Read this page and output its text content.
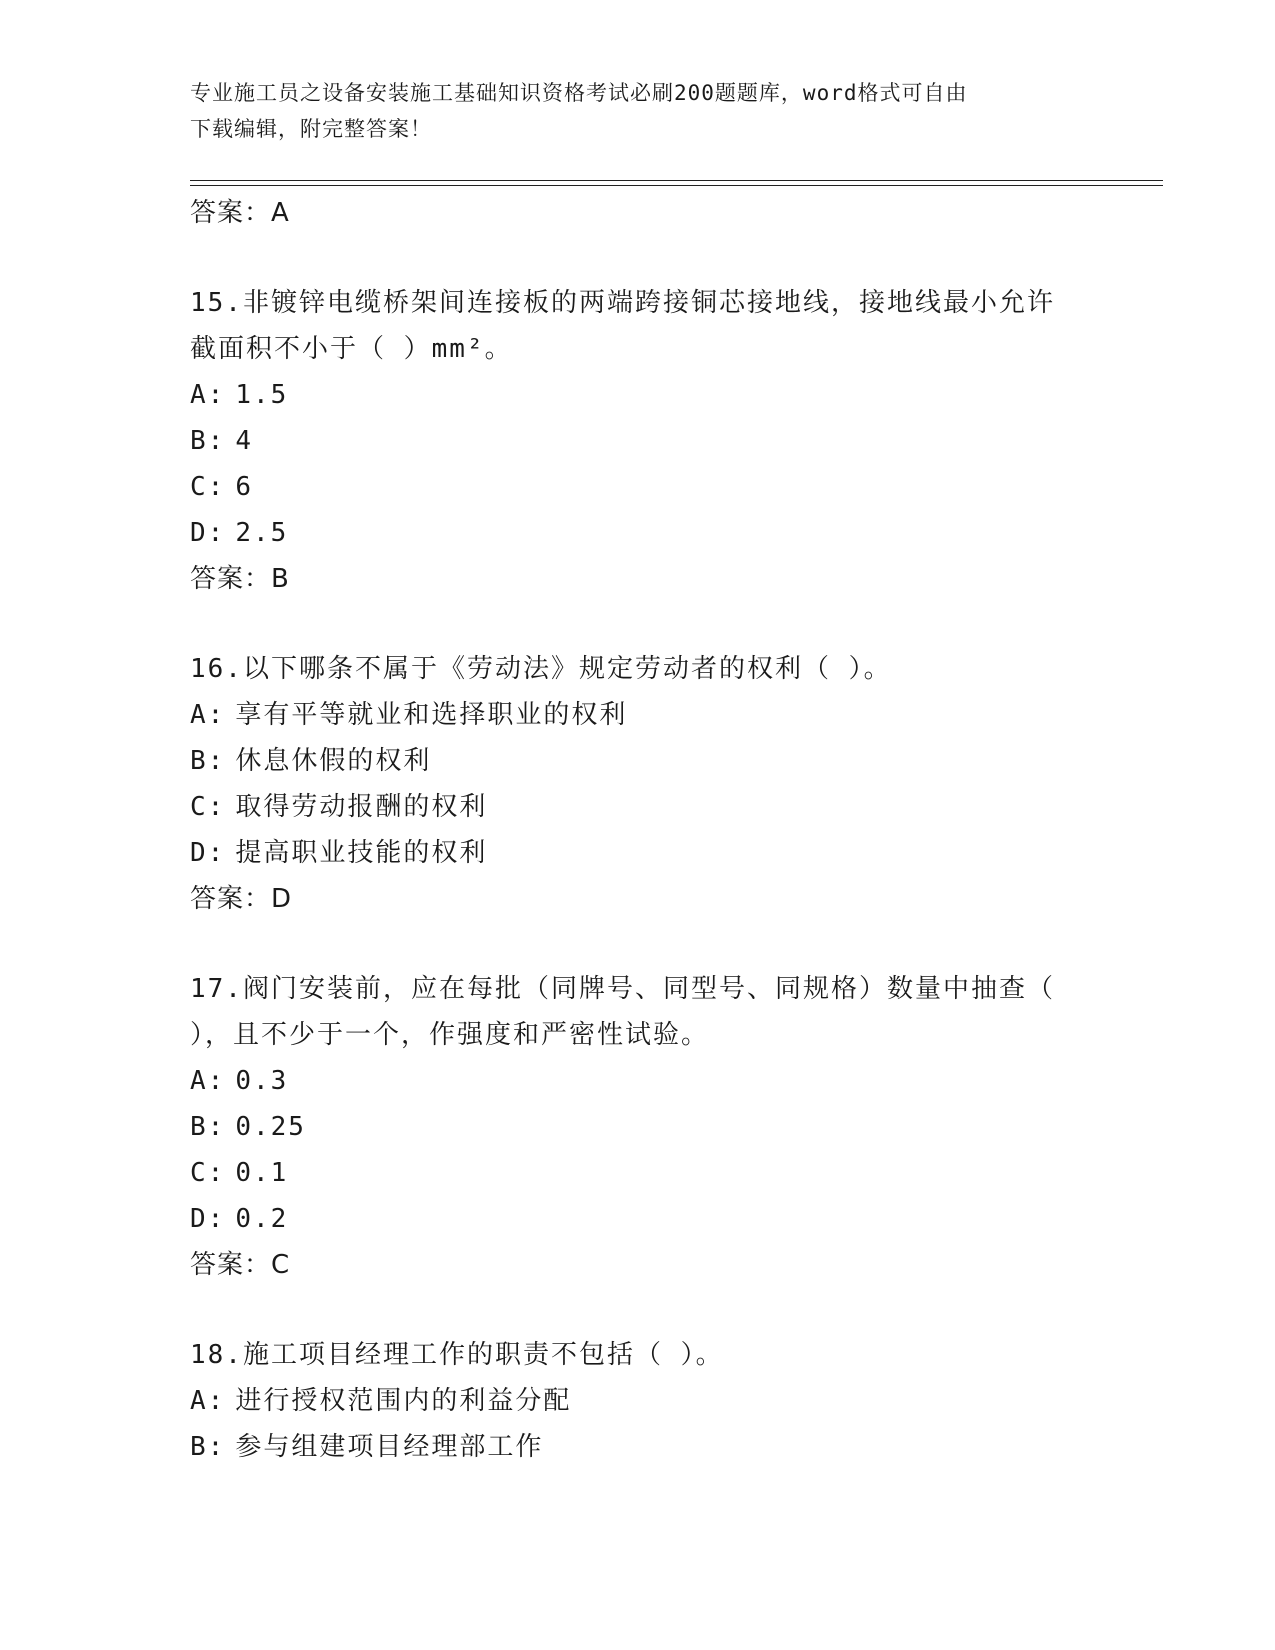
专业施工员之设备安装施工基础知识资格考试必刷200题题库，word格式可自由
下载编辑，附完整答案！
答案：A
15.非镀锌电缆桥架间连接板的两端跨接铜芯接地线，接地线最小允许
截面积不小于（ ）mm²。
A: 1.5
B: 4
C: 6
D: 2.5
答案：B
16.以下哪条不属于《劳动法》规定劳动者的权利（ ）。
A: 享有平等就业和选择职业的权利
B: 休息休假的权利
C: 取得劳动报酬的权利
D: 提高职业技能的权利
答案：D
17.阀门安装前，应在每批（同牌号、同型号、同规格）数量中抽查（
），且不少于一个，作强度和严密性试验。
A: 0.3
B: 0.25
C: 0.1
D: 0.2
答案：C
18.施工项目经理工作的职责不包括（ ）。
A: 进行授权范围内的利益分配
B: 参与组建项目经理部工作
